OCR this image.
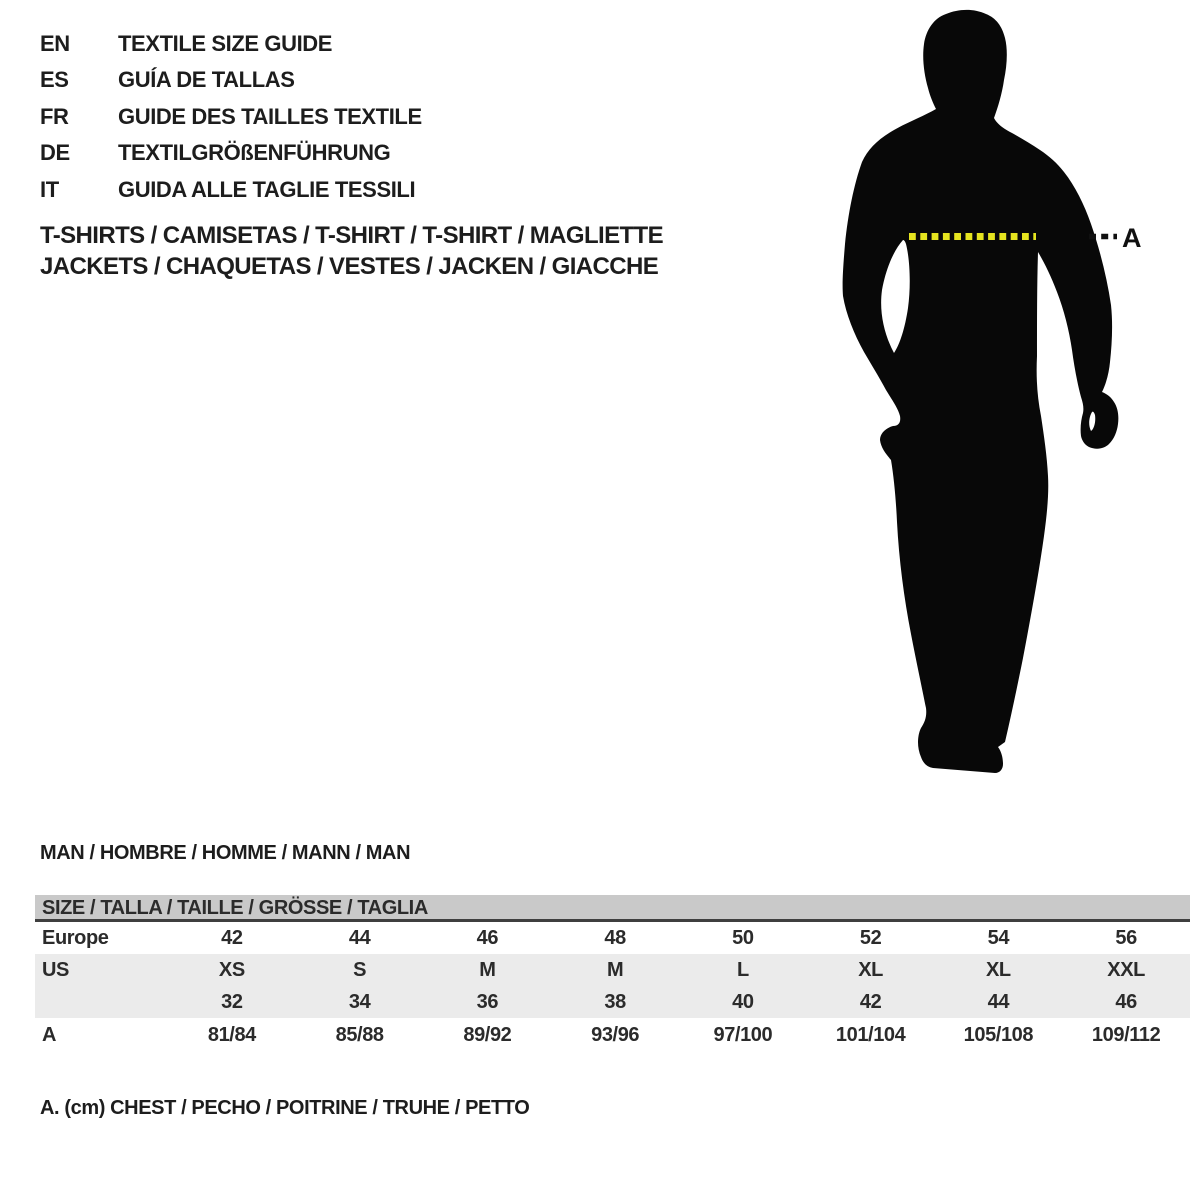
EN	TEXTILE SIZE GUIDE
ES	GUÍA DE TALLAS
FR	GUIDE DES TAILLES TEXTILE
DE	TEXTILGRÖßENFÜHRUNG
IT	GUIDA ALLE TAGLIE TESSILI
T-SHIRTS / CAMISETAS / T-SHIRT / T-SHIRT / MAGLIETTE
JACKETS / CHAQUETAS / VESTES / JACKEN / GIACCHE
A
MAN / HOMBRE / HOMME / MANN / MAN
SIZE / TALLA / TAILLE / GRÖSSE / TAGLIA
Europe	42	44	46	48	50	52	54	56
US	XS	S	M	M	L	XL	XL	XXL
	32	34	36	38	40	42	44	46
A	81/84	85/88	89/92	93/96	97/100	101/104	105/108	109/112

A. (cm) CHEST / PECHO / POITRINE / TRUHE / PETTO
